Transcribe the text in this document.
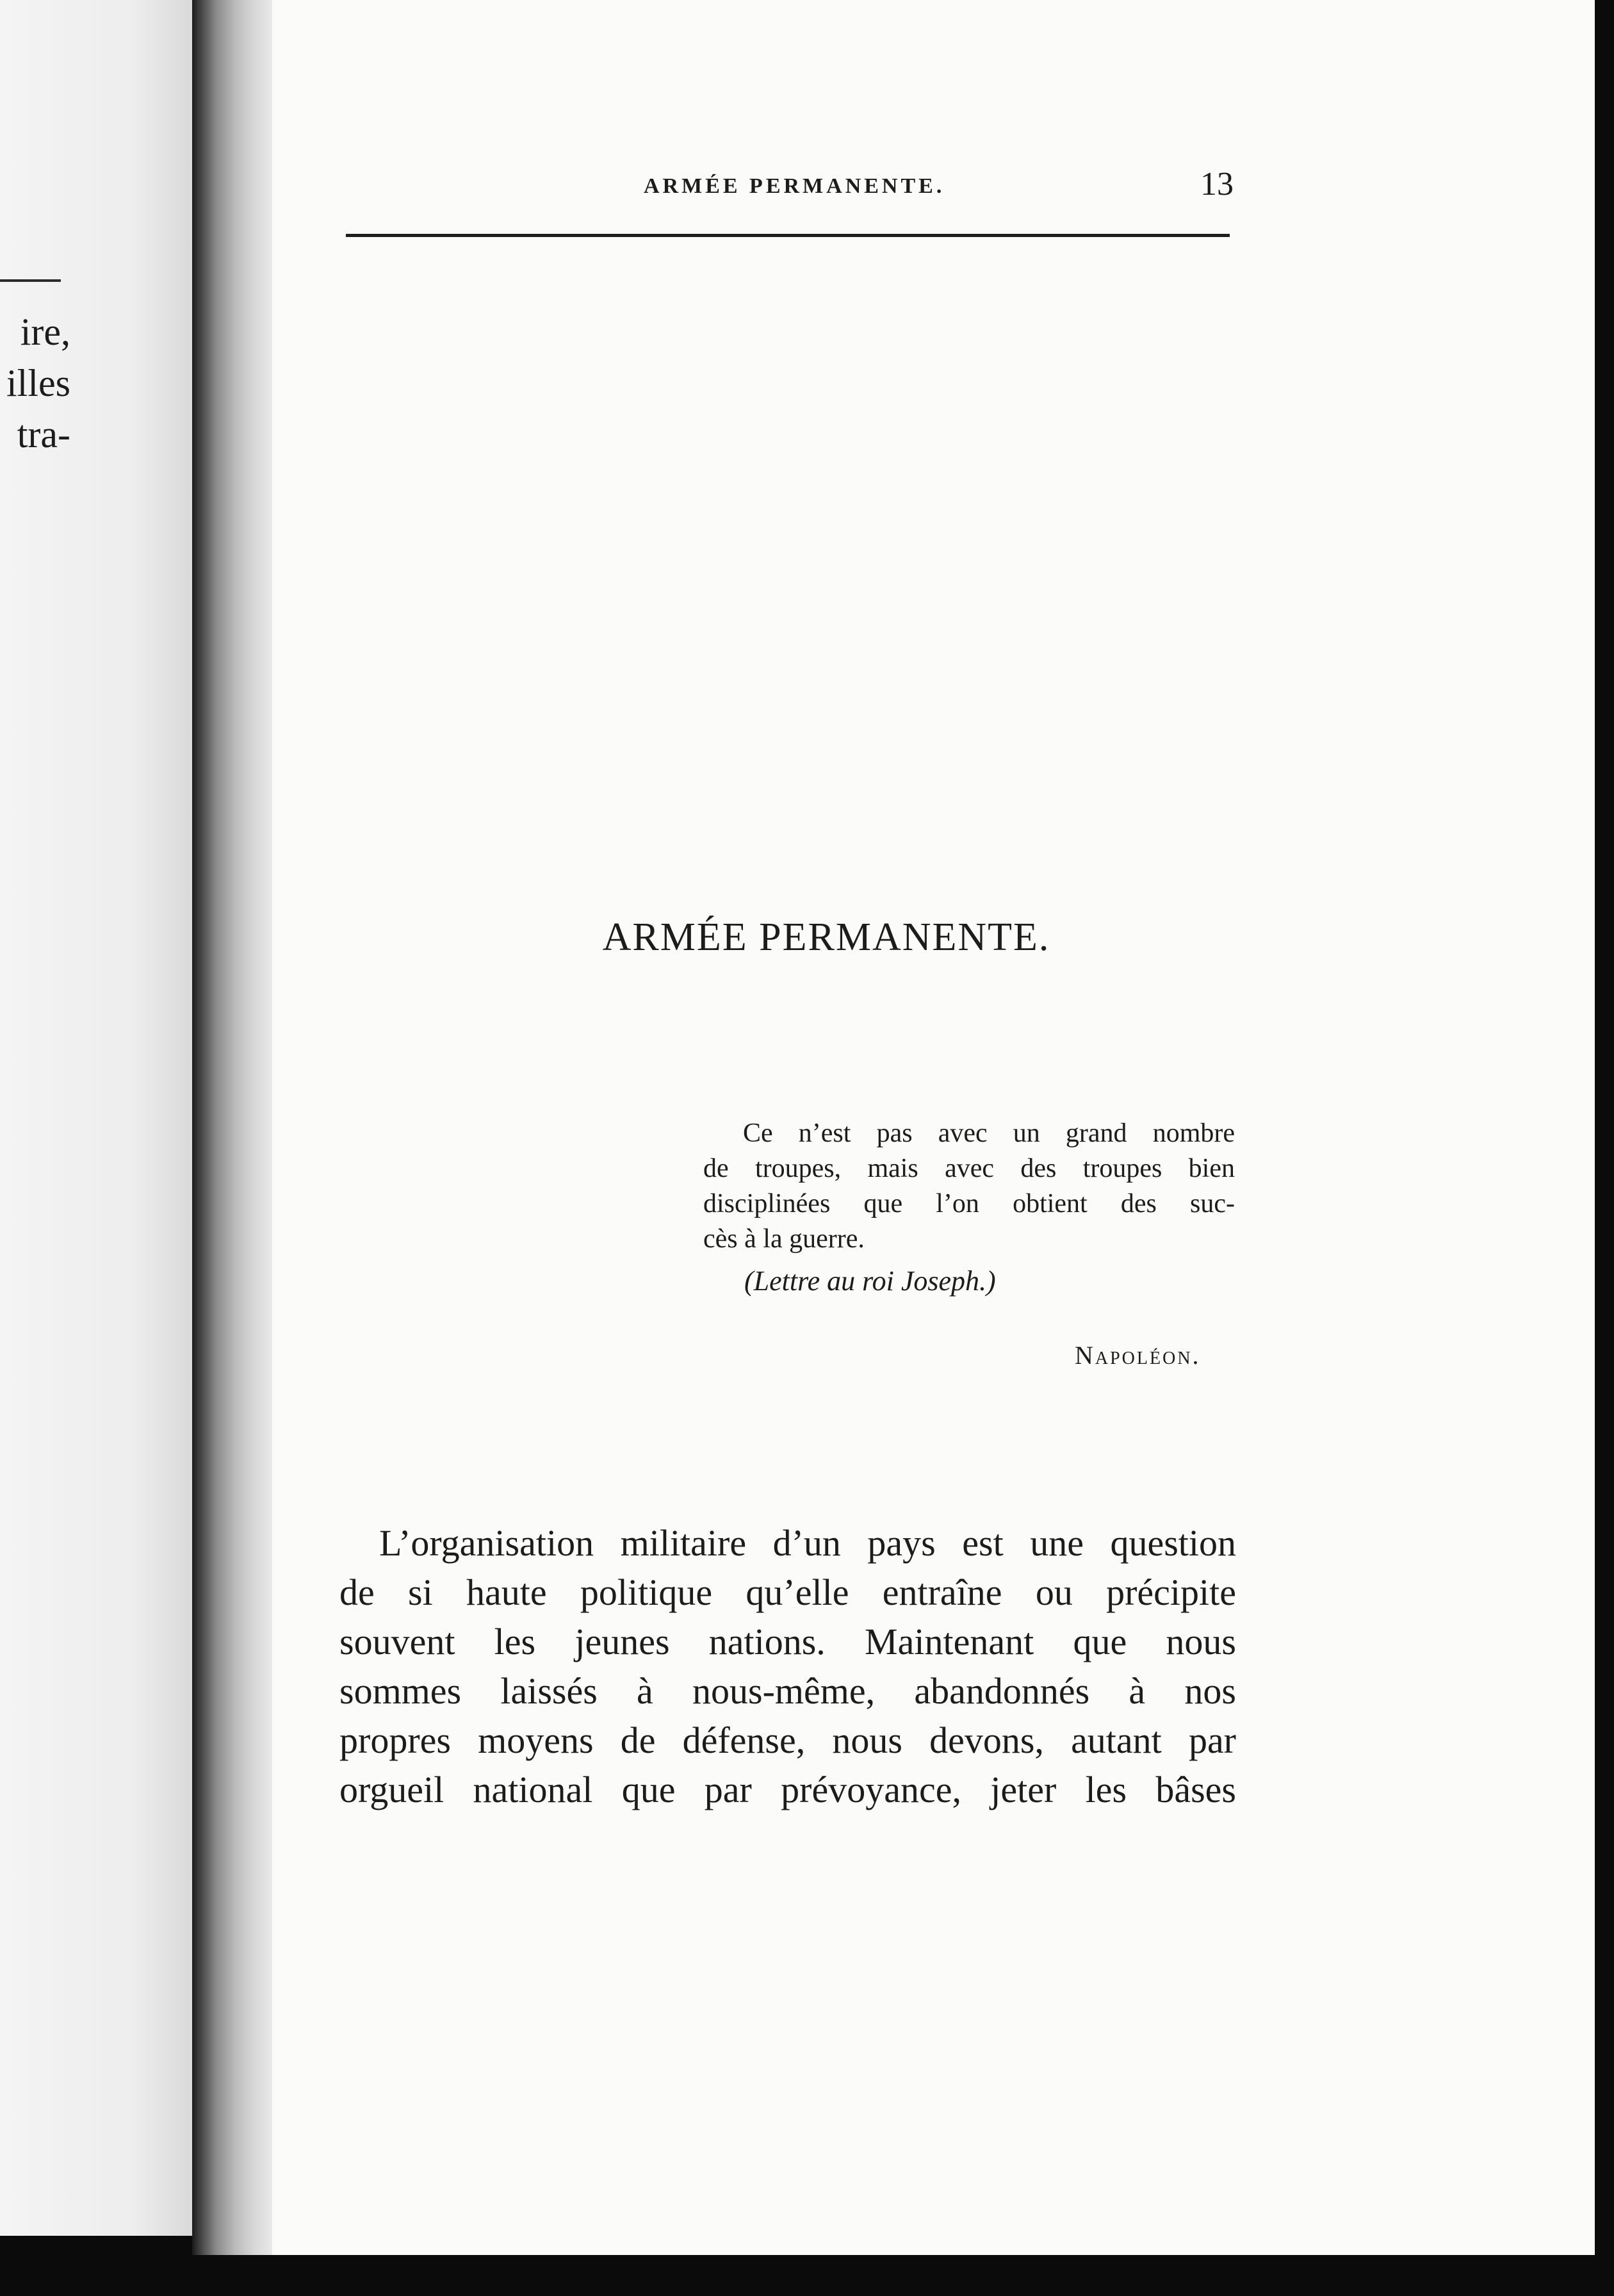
ire,
illes
tra-
ARMÉE PERMANENTE.	13
ARMÉE PERMANENTE.
Ce n’est pas avec un grand nombre
de troupes, mais avec des troupes bien
disciplinées que l’on obtient des suc-
cès à la guerre.
(Lettre au roi Joseph.)
Napoléon.
L’organisation militaire d’un pays est une question
de si haute politique qu’elle entraîne ou précipite
souvent les jeunes nations. Maintenant que nous
sommes laissés à nous-même, abandonnés à nos
propres moyens de défense, nous devons, autant par
orgueil national que par prévoyance, jeter les bâses
